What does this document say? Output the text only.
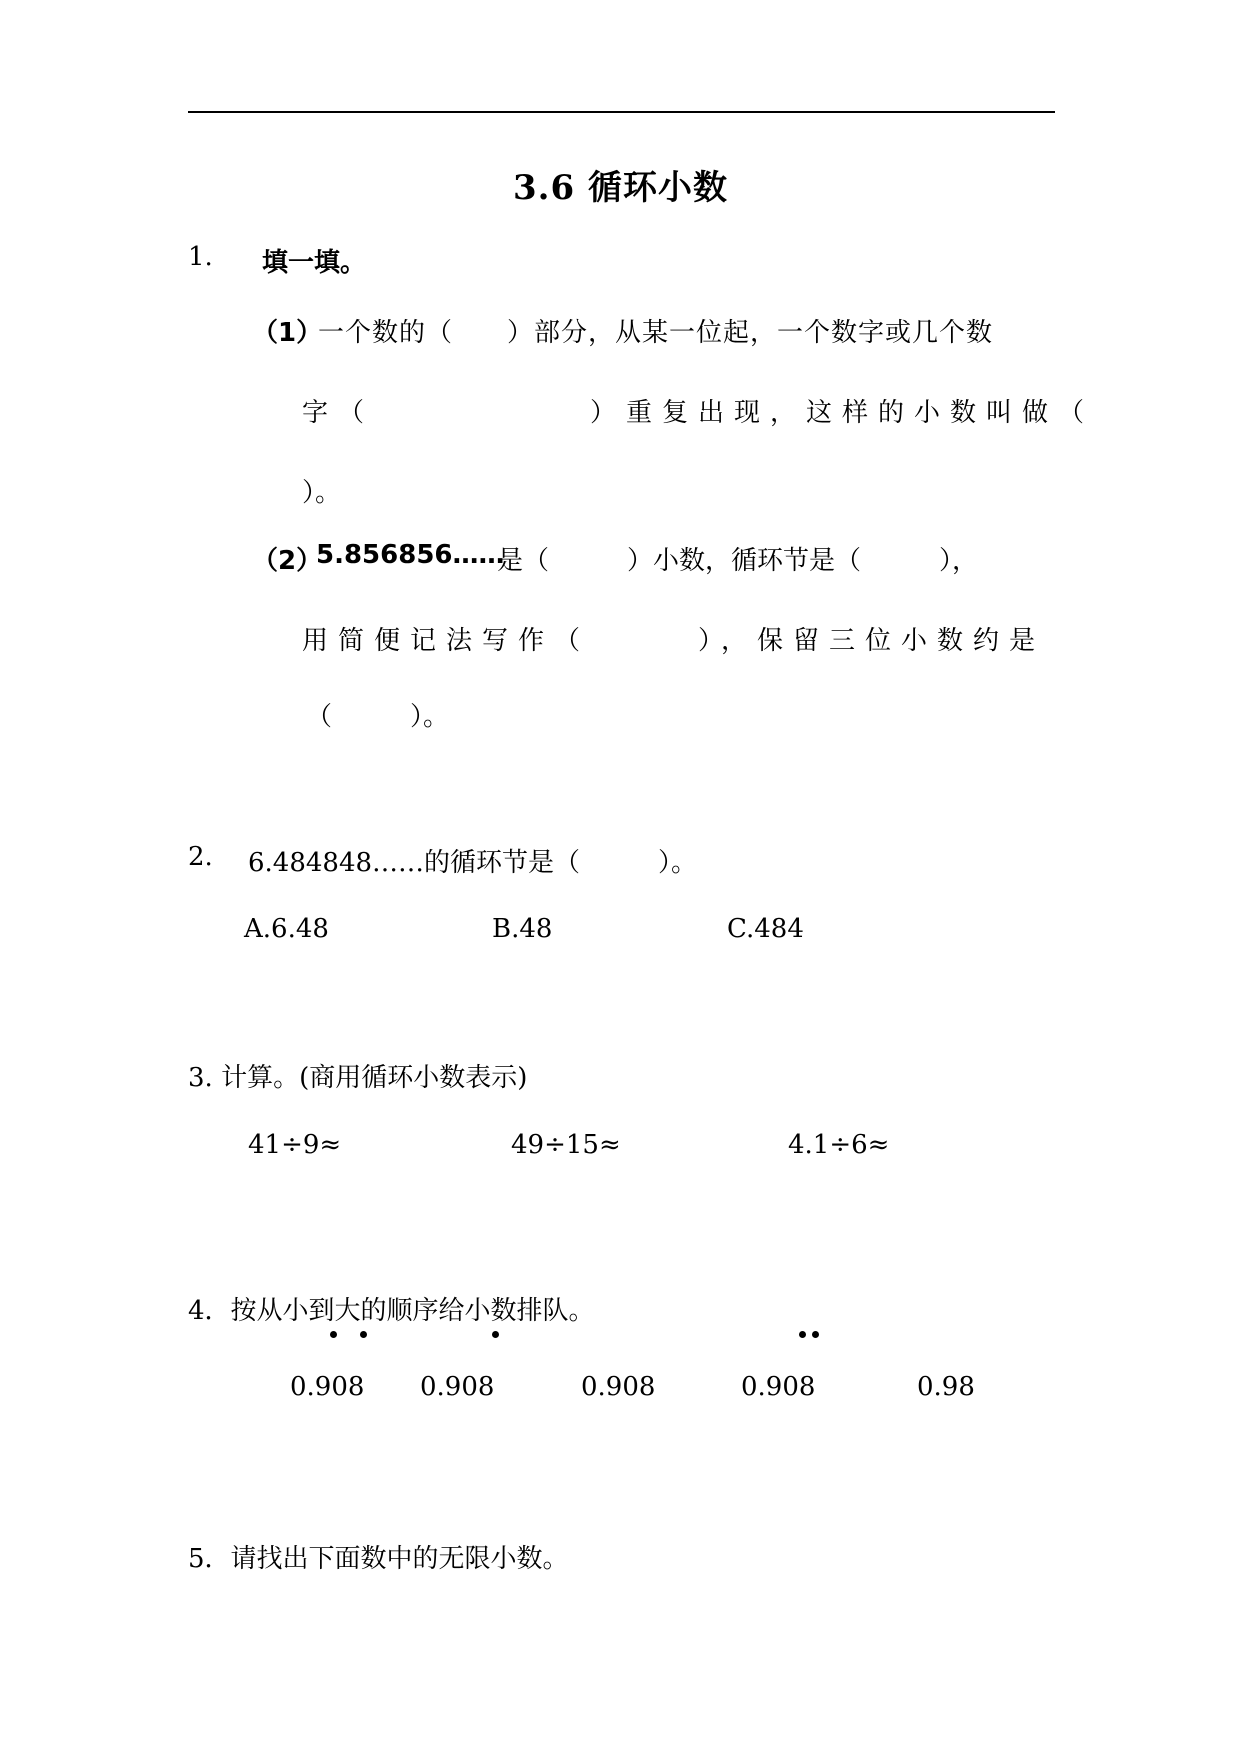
3.6 循环小数
1. 填一填。
（1）
一个数的（　　）部分，从某一位起，一个数字或几个数
字（　　　　　　）重复出现，这样的小数叫做（
）。
（2）
5.856856……
是（　　　）小数，循环节是（　　　），
用简便记法写作（　　　），保留三位小数约是
（　　　）。
2. 6.484848……的循环节是（　　　）。
A.6.48	B.48	C.484
3. 计算。(商用循环小数表示)
41÷9≈	49÷15≈	4.1÷6≈
4．按从小到大的顺序给小数排队。
0.908 0.908	0.908	0.908	0.98
5．请找出下面数中的无限小数。
